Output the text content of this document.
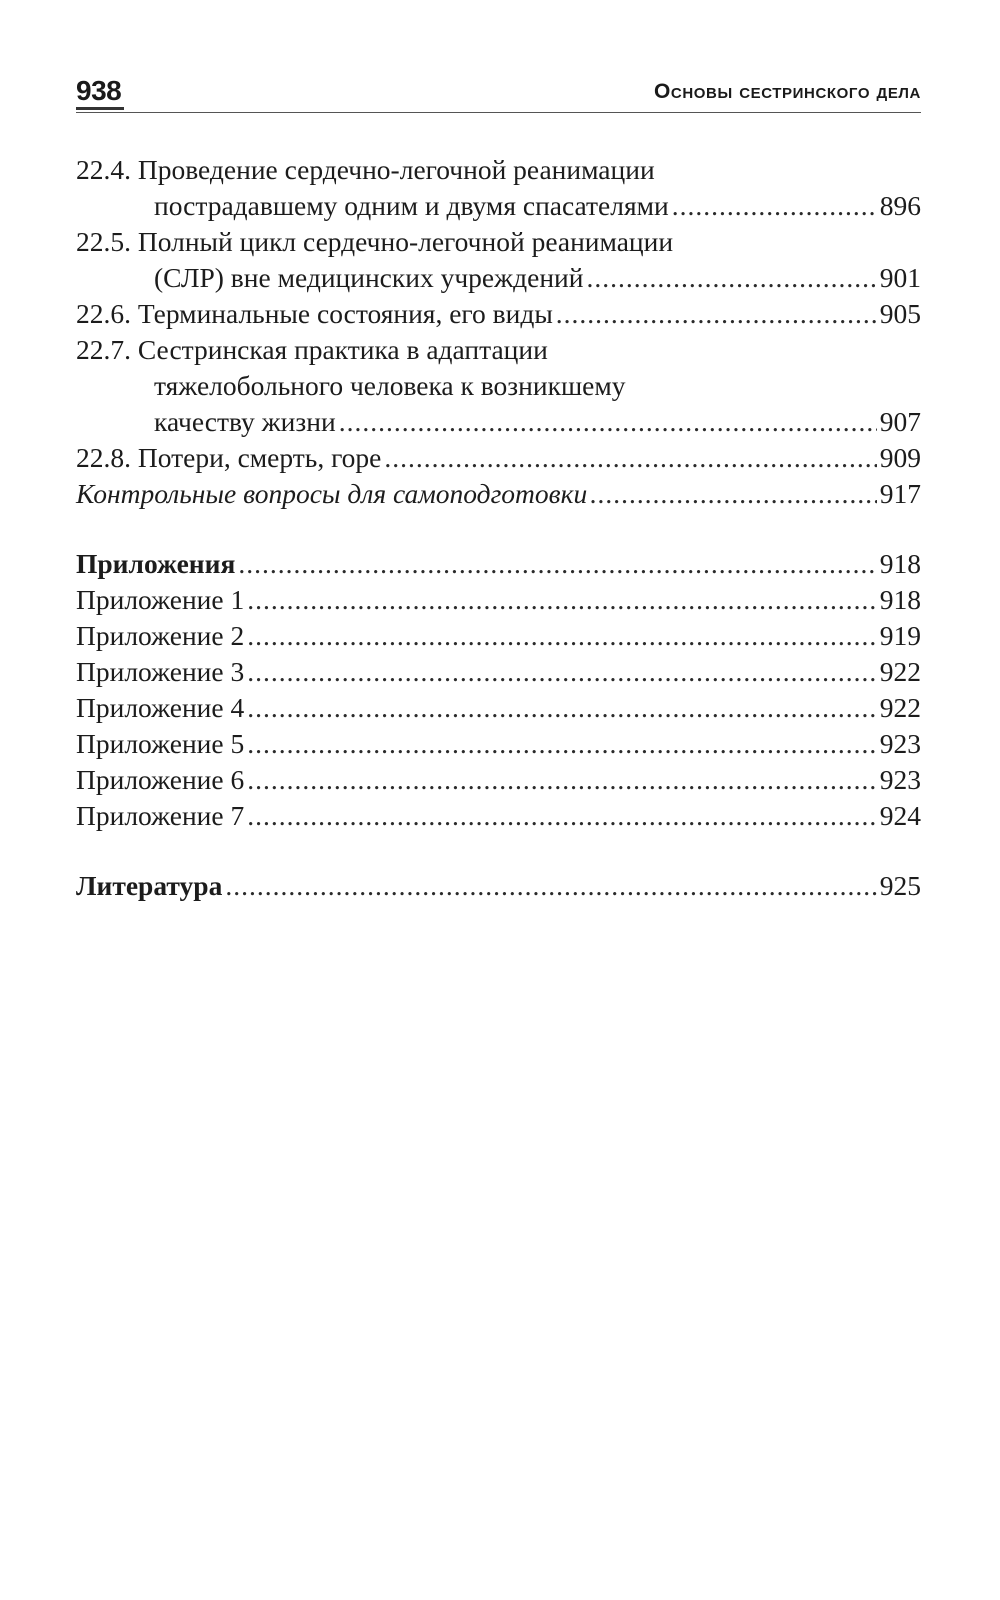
938	Основы сестринского дела
22.4. Проведение сердечно-легочной реанимации
пострадавшему одним и двумя спасателями .....	896
22.5. Полный цикл сердечно-легочной реанимации
(СЛР) вне медицинских учреждений .....	901
22.6. Терминальные состояния, его виды .....	905
22.7. Сестринская практика в адаптации
тяжелобольного человека к возникшему
качеству жизни .....	907
22.8. Потери, смерть, горе .....	909
Контрольные вопросы для самоподготовки .....	917
Приложения .....	918
Приложение 1 .....	918
Приложение 2 .....	919
Приложение 3 .....	922
Приложение 4 .....	922
Приложение 5 .....	923
Приложение 6 .....	923
Приложение 7 .....	924
Литература .....	925
